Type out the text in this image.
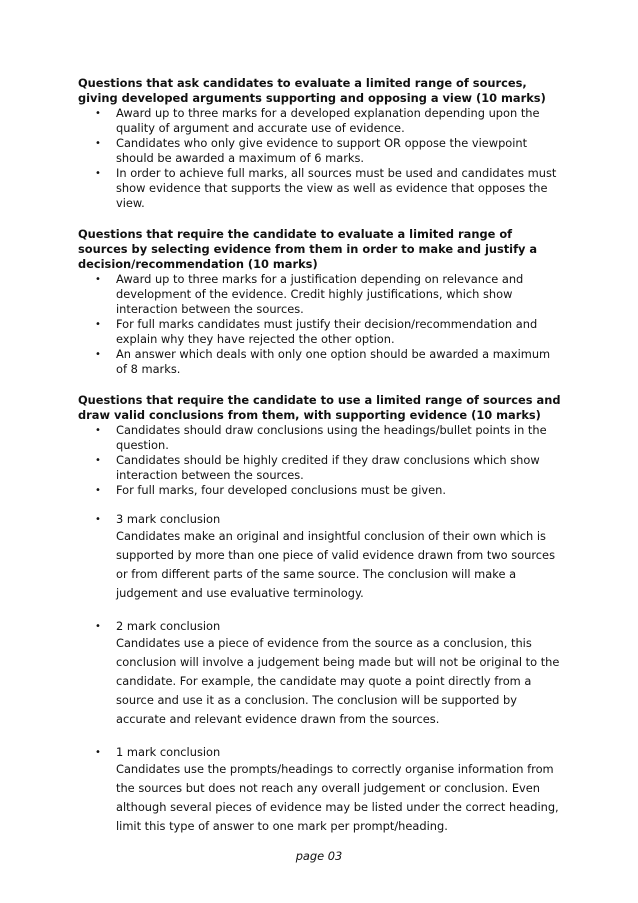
Questions that ask candidates to evaluate a limited range of sources, giving developed arguments supporting and opposing a view (10 marks)

• Award up to three marks for a developed explanation depending upon the quality of argument and accurate use of evidence.
• Candidates who only give evidence to support OR oppose the viewpoint should be awarded a maximum of 6 marks.
• In order to achieve full marks, all sources must be used and candidates must show evidence that supports the view as well as evidence that opposes the view.

Questions that require the candidate to evaluate a limited range of sources by selecting evidence from them in order to make and justify a decision/recommendation (10 marks)

• Award up to three marks for a justification depending on relevance and development of the evidence. Credit highly justifications, which show interaction between the sources.
• For full marks candidates must justify their decision/recommendation and explain why they have rejected the other option.
• An answer which deals with only one option should be awarded a maximum of 8 marks.

Questions that require the candidate to use a limited range of sources and draw valid conclusions from them, with supporting evidence (10 marks)

• Candidates should draw conclusions using the headings/bullet points in the question.
• Candidates should be highly credited if they draw conclusions which show interaction between the sources.
• For full marks, four developed conclusions must be given.
• 3 mark conclusion

Candidates make an original and insightful conclusion of their own which is supported by more than one piece of valid evidence drawn from two sources or from different parts of the same source. The conclusion will make a judgement and use evaluative terminology.
• 2 mark conclusion

Candidates use a piece of evidence from the source as a conclusion, this conclusion will involve a judgement being made but will not be original to the candidate. For example, the candidate may quote a point directly from a source and use it as a conclusion. The conclusion will be supported by accurate and relevant evidence drawn from the sources.
• 1 mark conclusion

Candidates use the prompts/headings to correctly organise information from the sources but does not reach any overall judgement or conclusion. Even although several pieces of evidence may be listed under the correct heading, limit this type of answer to one mark per prompt/heading.
page 03
